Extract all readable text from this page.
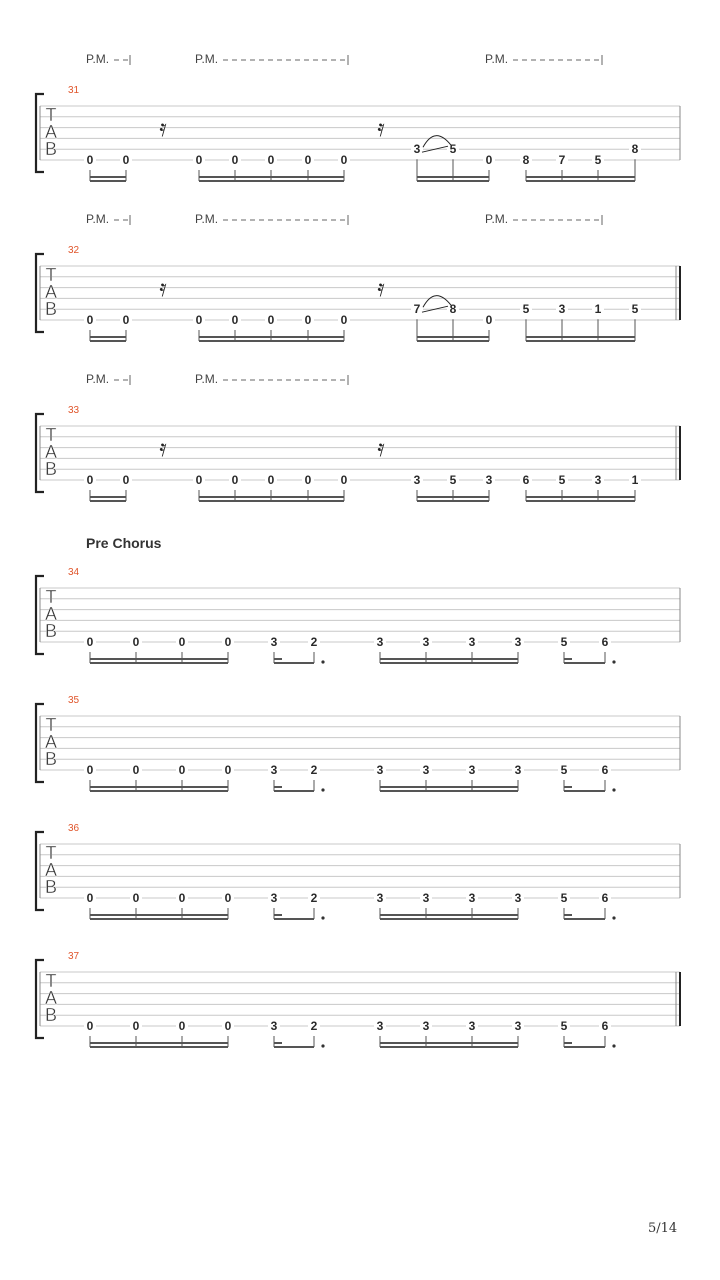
31
T
A
B
P.M.	P.M.	P.M.
𝄿	𝄿
0 0	0 0 0	0 0
3 5
0	8 7 5
8
32
T
A
B
P.M.	P.M.	P.M.
𝄿	𝄿
0 0	0 0 0	0 0
7 8
0
5 3 1	5
33
T
A
B
P.M.	P.M.
𝄿	𝄿
0 0	0 0 0	0 0	3 5 3	6 5 3	1
34
Pre Chorus
T
A
B
0	0	0	0	3	2	3	3	3	3	5	6
35
T
A
B
0	0	0	0	3	2	3	3	3	3	5	6
36
T
A
B
0	0	0	0	3	2	3	3	3	3	5	6
37
T
A
B
0	0	0	0	3	2	3	3	3	3	5	6
5/14
